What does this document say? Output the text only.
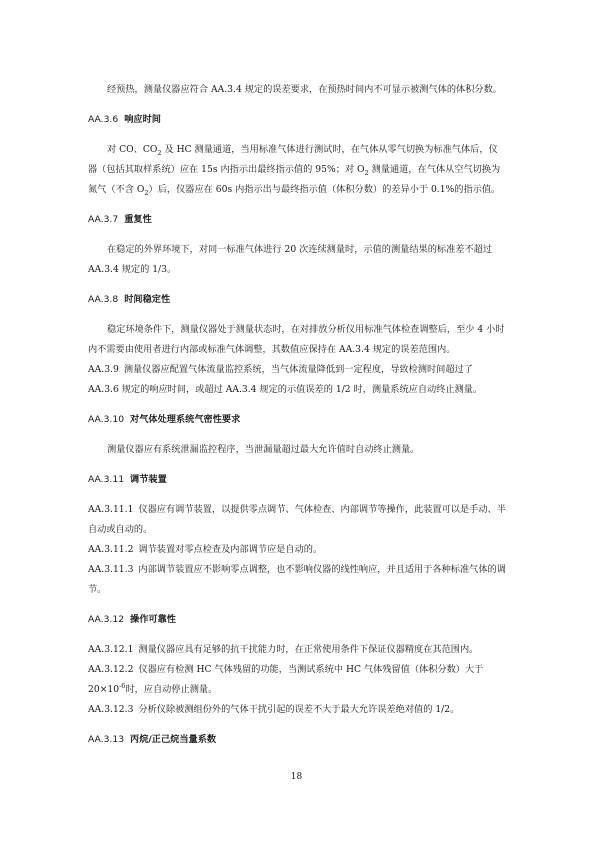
经预热，测量仪器应符合 AA.3.4 规定的误差要求，在预热时间内不可显示被测气体的体积分数。

AA.3.6 响应时间

对 CO、$CO_2$ 及 HC 测量通道，当用标准气体进行测试时，在气体从零气切换为标准气体后，仪器（包括其取样系统）应在 15s 内指示出最终指示值的 95%；对 $O_2$ 测量通道，在气体从空气切换为氮气（不含 $O_2$）后，仪器应在 60s 内指示出与最终指示值（体积分数）的差异小于 0.1%的指示值。

AA.3.7 重复性

在稳定的外界环境下，对同一标准气体进行 20 次连续测量时，示值的测量结果的标准差不超过 AA.3.4 规定的 1/3。

AA.3.8 时间稳定性

稳定环境条件下，测量仪器处于测量状态时，在对排放分析仪用标准气体检查调整后，至少 4 小时内不需要由使用者进行内部或标准气体调整，其数值应保持在 AA.3.4 规定的误差范围内。

AA.3.9 测量仪器应配置气体流量监控系统，当气体流量降低到一定程度，导致检测时间超过了 AA.3.6 规定的响应时间，或超过 AA.3.4 规定的示值误差的 1/2 时，测量系统应自动终止测量。

AA.3.10 对气体处理系统气密性要求

测量仪器应有系统泄漏监控程序，当泄漏量超过最大允许值时自动终止测量。

AA.3.11 调节装置

AA.3.11.1 仪器应有调节装置，以提供零点调节、气体检查、内部调节等操作，此装置可以是手动、半自动或自动的。

AA.3.11.2 调节装置对零点检查及内部调节应是自动的。

AA.3.11.3 内部调节装置应不影响零点调整，也不影响仪器的线性响应，并且适用于各种标准气体的调节。

AA.3.12 操作可靠性

AA.3.12.1 测量仪器应具有足够的抗干扰能力时，在正常使用条件下保证仪器精度在其范围内。

AA.3.12.2 仪器应有检测 HC 气体残留的功能，当测试系统中 HC 气体残留值（体积分数）大于 $20\times 10^{-6}$时，应自动停止测量。

AA.3.12.3 分析仪除被测组份外的气体干扰引起的误差不大于最大允许误差绝对值的 1/2。

AA.3.13 丙烷/正己烷当量系数
18
